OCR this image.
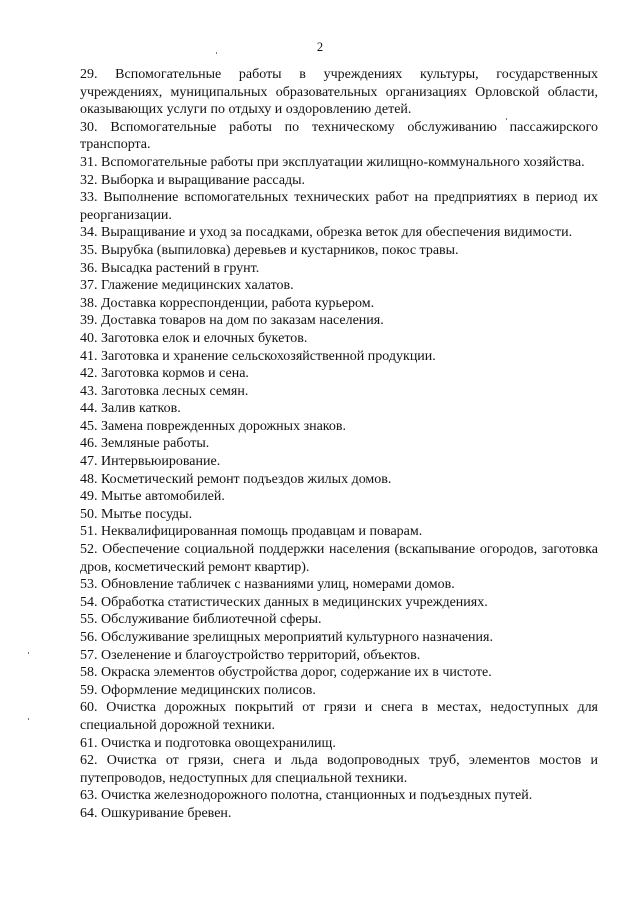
2

29. Вспомогательные работы в учреждениях культуры, государственных учреждениях, муниципальных образовательных организациях Орловской области, оказывающих услуги по отдыху и оздоровлению детей.

30. Вспомогательные работы по техническому обслуживанию пассажирского транспорта.

31. Вспомогательные работы при эксплуатации жилищно-коммунального хозяйства.

32. Выборка и выращивание рассады.

33. Выполнение вспомогательных технических работ на предприятиях в период их реорганизации.

34. Выращивание и уход за посадками, обрезка веток для обеспечения видимости.

35. Вырубка (выпиловка) деревьев и кустарников, покос травы.

36. Высадка растений в грунт.

37. Глажение медицинских халатов.

38. Доставка корреспонденции, работа курьером.

39. Доставка товаров на дом по заказам населения.

40. Заготовка елок и елочных букетов.

41. Заготовка и хранение сельскохозяйственной продукции.

42. Заготовка кормов и сена.

43. Заготовка лесных семян.

44. Залив катков.

45. Замена поврежденных дорожных знаков.

46. Земляные работы.

47. Интервьюирование.

48. Косметический ремонт подъездов жилых домов.

49. Мытье автомобилей.

50. Мытье посуды.

51. Неквалифицированная помощь продавцам и поварам.

52. Обеспечение социальной поддержки населения (вскапывание огородов, заготовка дров, косметический ремонт квартир).

53. Обновление табличек с названиями улиц, номерами домов.

54. Обработка статистических данных в медицинских учреждениях.

55. Обслуживание библиотечной сферы.

56. Обслуживание зрелищных мероприятий культурного назначения.

57. Озеленение и благоустройство территорий, объектов.

58. Окраска элементов обустройства дорог, содержание их в чистоте.

59. Оформление медицинских полисов.

60. Очистка дорожных покрытий от грязи и снега в местах, недоступных для специальной дорожной техники.

61. Очистка и подготовка овощехранилищ.

62. Очистка от грязи, снега и льда водопроводных труб, элементов мостов и путепроводов, недоступных для специальной техники.

63. Очистка железнодорожного полотна, станционных и подъездных путей.

64. Ошкуривание бревен.
